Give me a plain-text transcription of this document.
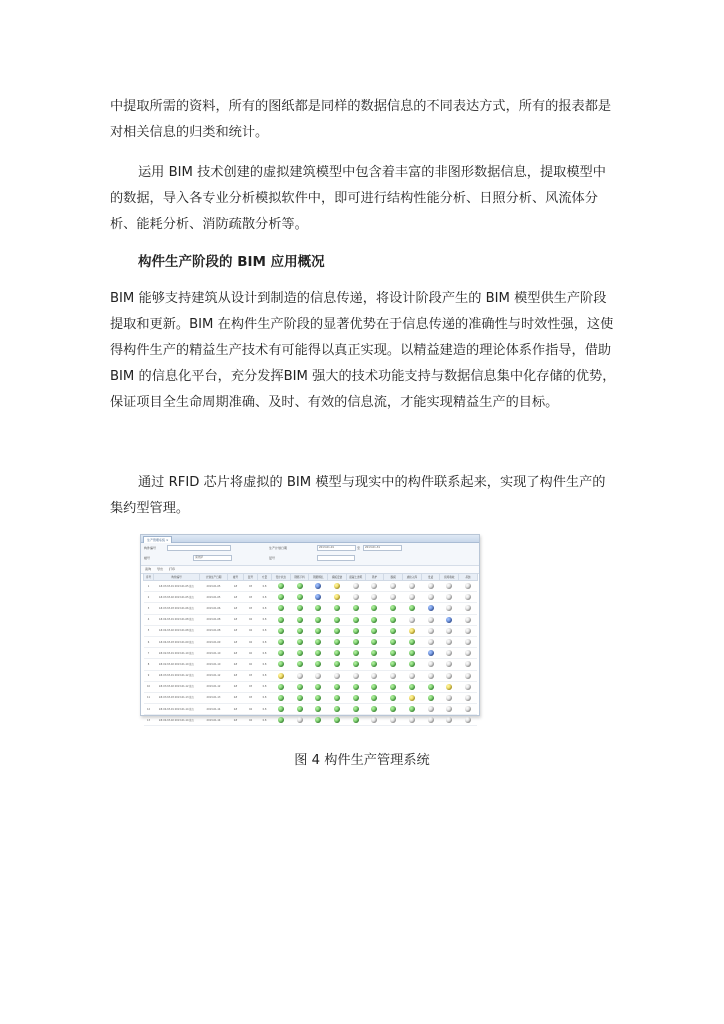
中提取所需的资料，所有的图纸都是同样的数据信息的不同表达方式，所有的报表都是对相关信息的归类和统计。

运用 BIM 技术创建的虚拟建筑模型中包含着丰富的非图形数据信息，提取模型中的数据，导入各专业分析模拟软件中，即可进行结构性能分析、日照分析、风流体分析、能耗分析、消防疏散分析等。

构件生产阶段的 BIM 应用概况

BIM 能够支持建筑从设计到制造的信息传递，将设计阶段产生的 BIM 模型供生产阶段提取和更新。BIM 在构件生产阶段的显著优势在于信息传递的准确性与时效性强，这使得构件生产的精益生产技术有可能得以真正实现。以精益建造的理论体系作指导，借助 BIM 的信息化平台，充分发挥BIM 强大的技术功能支持与数据信息集中化存储的优势，保证项目全生命周期准确、及时、有效的信息流，才能实现精益生产的目标。

通过 RFID 芯片将虚拟的 BIM 模型与现实中的构件联系起来，实现了构件生产的集约型管理。

生产管理系统 ×
构件编号	生产计划日期	2013-01-01	至	2013-01-31
楼号	请选择	层号
查询 导出 打印
序号	构件编号	计划生产日期	楼号	层号	方量	设计状态	钢筋下料	钢筋绑扎	模板安装	混凝土浇筑	养护	脱模	质检入库	发货	到场验收	吊装
1	1#-03-YZ-01 2013-01-05 批次	2013-01-05	1#	03	0.8											
2	1#-03-YZ-02 2013-01-05 批次	2013-01-05	1#	03	0.8											
3	1#-03-YZ-03 2013-01-06 批次	2013-01-06	1#	03	0.8											
4	1#-04-YZ-01 2013-01-08 批次	2013-01-08	1#	04	0.8											
5	1#-04-YZ-02 2013-01-08 批次	2013-01-08	1#	04	0.8											
6	1#-04-YZ-03 2013-01-09 批次	2013-01-09	1#	04	0.8											
7	2#-02-YZ-01 2013-01-10 批次	2013-01-10	2#	02	0.8											
8	2#-02-YZ-02 2013-01-10 批次	2013-01-10	2#	02	0.8											
9	2#-03-YZ-01 2013-01-12 批次	2013-01-12	2#	03	0.8											
10	2#-03-YZ-02 2013-01-12 批次	2013-01-12	2#	03	0.8											
11	2#-03-YZ-03 2013-01-13 批次	2013-01-13	2#	03	0.8											
12	2#-04-YZ-01 2013-01-14 批次	2013-01-14	2#	04	0.8											
13	2#-04-YZ-02 2013-01-14 批次	2013-01-14	2#	04	0.8											

图 4 构件生产管理系统
